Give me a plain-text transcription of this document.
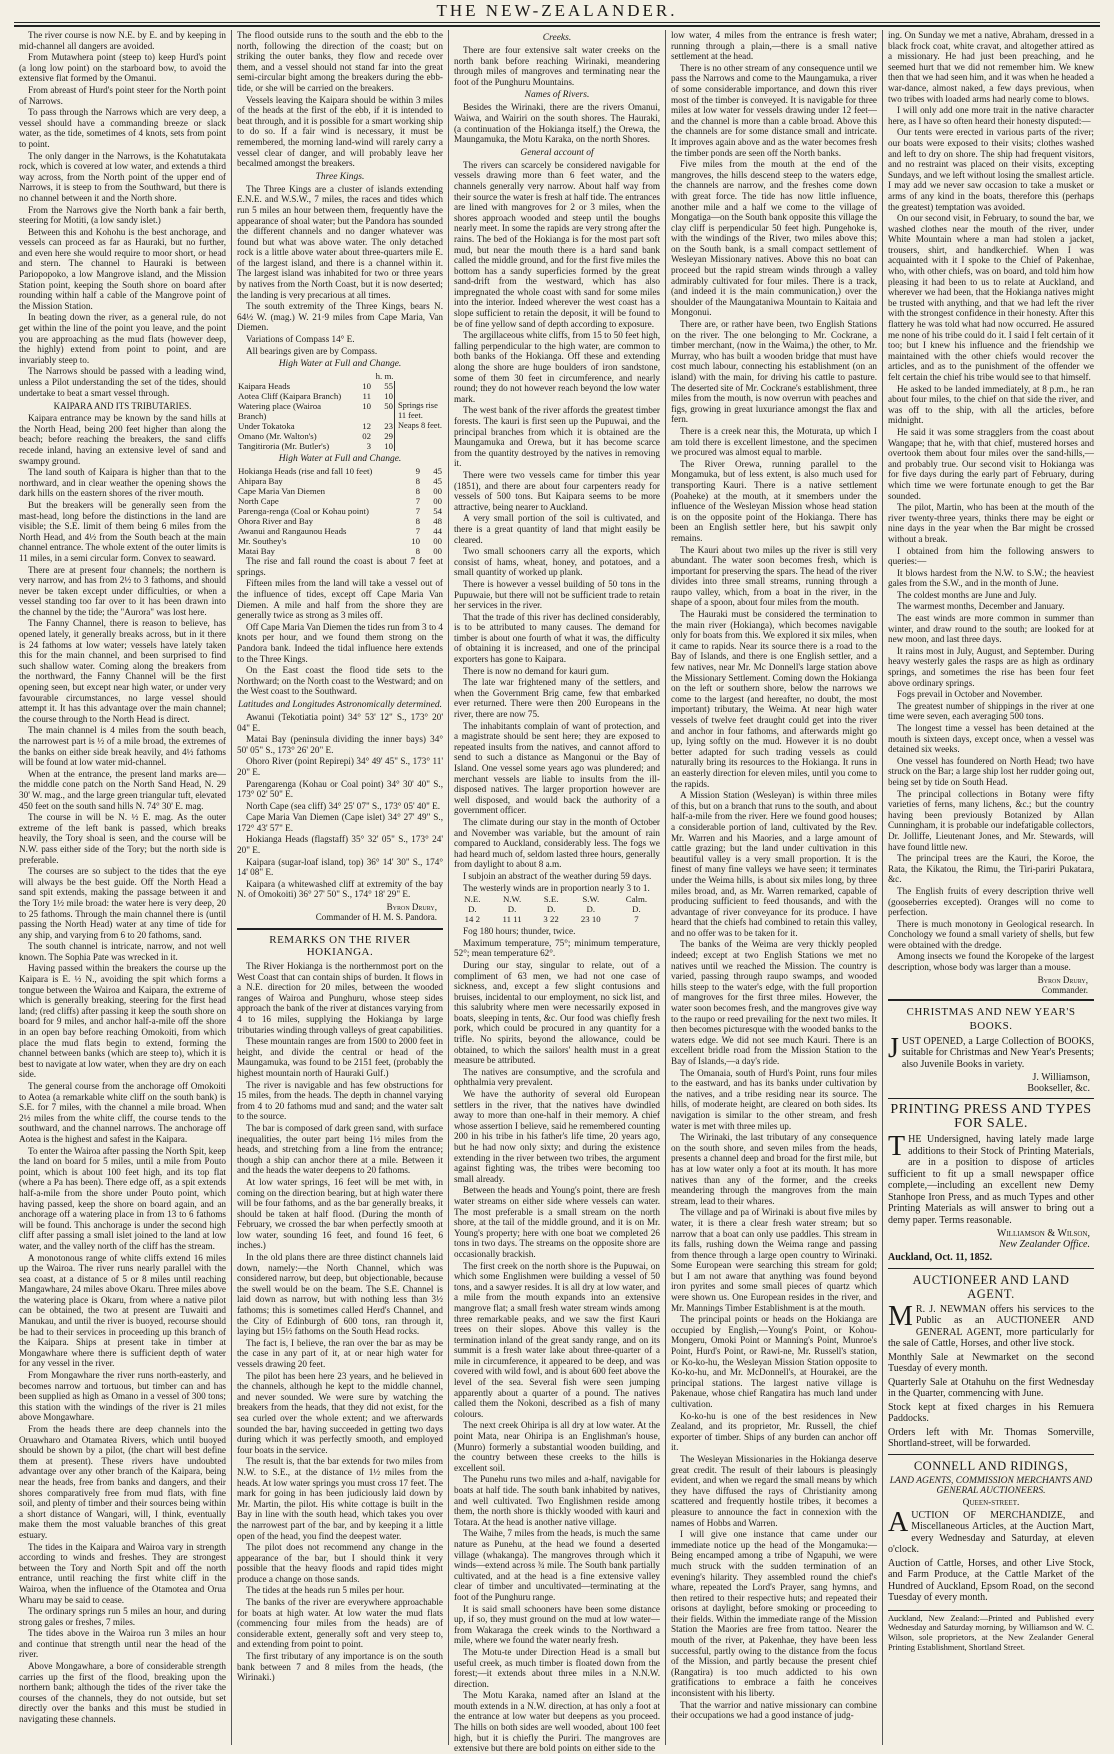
THE NEW-ZEALANDER.

The river course is now N.E. by E. and by keeping in mid-channel all dangers are avoided.

From Mutawhera point (steep to) keep Hurd's point (a long low point) on the starboard bow, to avoid the extensive flat formed by the Omanui.

From abreast of Hurd's point steer for the North point of Narrows.

To pass through the Narrows which are very deep, a vessel should have a commanding breeze or slack water, as the tide, sometimes of 4 knots, sets from point to point.

The only danger in the Narrows, is the Kohatutakata rock, which is covered at low water, and extends a third way across, from the North point of the upper end of Narrows, it is steep to from the Southward, but there is no channel between it and the North shore.

From the Narrows give the North bank a fair berth, steering for Motiti, (a low sandy islet.)

Between this and Kohohu is the best anchorage, and vessels can proceed as far as Hauraki, but no further, and even here she would require to moor short, or head and stern. The channel to Hauraki is between Pariopopoko, a low Mangrove island, and the Mission Station point, keeping the South shore on board after rounding within half a cable of the Mangrove point of the Mission Station.

In beating down the river, as a general rule, do not get within the line of the point you leave, and the point you are approaching as the mud flats (however deep, the highly) extend from point to point, and are invariably steep to.

The Narrows should be passed with a leading wind, unless a Pilot understanding the set of the tides, should undertake to beat a smart vessel through.

KAIPARA AND ITS TRIBUTARIES.

Kaipara entrance may be known by the sand hills at the North Head, being 200 feet higher than along the beach; before reaching the breakers, the sand cliffs recede inland, having an extensive level of sand and swampy ground.

The land south of Kaipara is higher than that to the northward, and in clear weather the opening shows the dark hills on the eastern shores of the river mouth.

But the breakers will be generally seen from the mast-head, long before the distinctions in the land are visible; the S.E. limit of them being 6 miles from the North Head, and 4½ from the South beach at the main channel entrance. The whole extent of the outer limits is 11 miles, in a semi circular form. Convex to seaward.

There are at present four channels; the northern is very narrow, and has from 2½ to 3 fathoms, and should never be taken except under difficulties, or when a vessel standing too far over to it has been drawn into the channel by the tide; the "Aurora" was lost here.

The Fanny Channel, there is reason to believe, has opened lately, it generally breaks across, but in it there is 24 fathoms at low water; vessels have lately taken this for the main channel, and been surprised to find such shallow water. Coming along the breakers from the northward, the Fanny Channel will be the first opening seen, but except near high water, or under very favourable circumstances, no large vessel should attempt it. It has this advantage over the main channel; the course through to the North Head is direct.

The main channel is 4 miles from the south beach, the narrowest part is ½ of a mile broad, the extremes of the banks on either side break heavily, and 4½ fathoms will be found at low water mid-channel.

When at the entrance, the present land marks are—the middle cone patch on the North Sand Head, N. 29 30' W. mag., and the large green triangular tuft, elevated 450 feet on the south sand hills N. 74° 30' E. mag.

The course in will be N. ½ E. mag. As the outer extreme of the left bank is passed, which breaks heavily, the Tory shoal is seen, and the course will be N.W. pass either side of the Tory; but the north side is preferable.

The courses are so subject to the tides that the eye will always be the best guide. Off the North Head a sand spit extends, making the passage between it and the Tory 1½ mile broad: the water here is very deep, 20 to 25 fathoms. Through the main channel there is (until passing the North Head) water at any time of tide for any ship, and varying from 6 to 20 fathoms, sand.

The south channel is intricate, narrow, and not well known. The Sophia Pate was wrecked in it.

Having passed within the breakers the course up the Kaipara is E. ½ N., avoiding the spit which forms a tongue between the Wairoa and Kaipara, the extreme of which is generally breaking, steering for the first head land; (red cliffs) after passing it keep the south shore on board for 9 miles, and anchor half-a-mile off the shore in an open bay before reaching Omokoiti, from which place the mud flats begin to extend, forming the channel between banks (which are steep to), which it is best to navigate at low water, when they are dry on each side.

The general course from the anchorage off Omokoiti to Aotea (a remarkable white cliff on the south bank) is S.E. for 7 miles, with the channel a mile broad. When 2½ miles from the white cliff, the course tends to the southward, and the channel narrows. The anchorage off Aotea is the highest and safest in the Kaipara.

To enter the Wairoa after passing the North Spit, keep the land on board for 5 miles, until a mile from Pouto point, which is about 100 feet high, and its top flat (where a Pa has been). There edge off, as a spit extends half-a-mile from the shore under Pouto point, which having passed, keep the shore on board again, and an anchorage off a watering place in from 13 to 6 fathoms will be found. This anchorage is under the second high cliff after passing a small islet joined to the land at low water, and the valley north of the cliff has the stream.

A monotonous range of white cliffs extend 16 miles up the Wairoa. The river runs nearly parallel with the sea coast, at a distance of 5 or 8 miles until reaching Mangawhare, 24 miles above Okaru. Three miles above the watering place is Okaru, from where a native pilot can be obtained, the two at present are Tuwaiti and Manukau, and until the river is buoyed, recourse should be had to their services in proceeding up this branch of the Kaipara. Ships at present take in timber at Mongawhare where there is sufficient depth of water for any vessel in the river.

From Mongawhare the river runs north-easterly, and becomes narrow and tortuous, but timber can and has been supplied as high as Omano in a vessel of 300 tons; this station with the windings of the river is 21 miles above Mongawhare.

From the heads there are deep channels into the Oruawharo and Otamatea Rivers, which until buoyed should be shown by a pilot, (the chart will best define them at present). These rivers have undoubted advantage over any other branch of the Kaipara, being near the heads, free from banks and dangers, and their shores comparatively free from mud flats, with fine soil, and plenty of timber and their sources being within a short distance of Wangari, will, I think, eventually make them the most valuable branches of this great estuary.

The tides in the Kaipara and Wairoa vary in strength according to winds and freshes. They are strongest between the Tory and North Spit and off the north entrance, until reaching the first white cliff in the Wairoa, when the influence of the Otamotea and Orua Wharu may be said to cease.

The ordinary springs run 5 miles an hour, and during strong gales or freshes, 7 miles.

The tides above in the Wairoa run 3 miles an hour and continue that strength until near the head of the river.

Above Mongawhare, a bore of considerable strength carries up the first of the flood, breaking upon the northern bank; although the tides of the river take the courses of the channels, they do not outside, but set directly over the banks and this must be studied in navigating these channels.

The flood outside runs to the south and the ebb to the north, following the direction of the coast; but on striking the outer banks, they flow and recede over them, and a vessel should not stand far into the great semi-circular bight among the breakers during the ebb-tide, or she will be carried on the breakers.

Vessels leaving the Kaipara should be within 3 miles of the heads at the first of the ebb, if it is intended to beat through, and it is possible for a smart working ship to do so. If a fair wind is necessary, it must be remembered, the morning land-wind will rarely carry a vessel clear of danger, and will probably leave her becalmed amongst the breakers.

Three Kings.

The Three Kings are a cluster of islands extending E.N.E. and W.S.W., 7 miles, the races and tides which run 5 miles an hour between them, frequently have the appearance of shoal water; but the Pandora has sounded the different channels and no danger whatever was found but what was above water. The only detached rock is a little above water about three-quarters mile E. of the largest island, and there is a channel within it. The largest island was inhabited for two or three years by natives from the North Coast, but it is now deserted; the landing is very precarious at all times.

The south extremity of the Three Kings, bears N. 64½ W. (mag.) W. 21·9 miles from Cape Maria, Van Diemen.

Variations of Compass 14° E.

All bearings given are by Compass.

High Water at Full and Change.
	h. m.		
Kaipara Heads	10	55	Springs rise 11 feet. Neaps 8 feet.
Aotea Cliff (Kaipara Branch)	11	10	
Watering place (Wairoa Branch)	10	50	
Under Tokatoka	12	23	
Omano (Mr. Walton's)	02	29	
Tangitiroria (Mr. Butler's)	3	10	
High Water at Full and Change.
Hokianga Heads (rise and fall 10 feet)	9	45
Ahipara Bay	8	45
Cape Maria Van Diemen	8	00
North Cape	7	00
Parenga-renga (Coal or Kohau point)	7	54
Ohora River and Bay	8	48
Awanui and Rangaunou Heads	7	44
Mr. Southey's	10	00
Matai Bay	8	00

The rise and fall round the coast is about 7 feet at springs.

Fifteen miles from the land will take a vessel out of the influence of tides, except off Cape Maria Van Diemen. A mile and half from the shore they are generally twice as strong as 3 miles off.

Off Cape Maria Van Diemen the tides run from 3 to 4 knots per hour, and we found them strong on the Pandora bank. Indeed the tidal influence here extends to the Three Kings.

On the East coast the flood tide sets to the Northward; on the North coast to the Westward; and on the West coast to the Southward.

Latitudes and Longitudes Astronomically determined.

Awanui (Tekotiatia point) 34° 53' 12" S., 173° 20' 04" E.

Matai Bay (peninsula dividing the inner bays) 34° 50' 05" S., 173° 26' 20" E.

Ohoro River (point Repirepi) 34° 49' 45" S., 173° 11' 20" E.

Parengarenga (Kohau or Coal point) 34° 30' 40" S., 173° 02' 50" E.

North Cape (sea cliff) 34° 25' 07" S., 173° 05' 40" E.

Cape Maria Van Diemen (Cape islet) 34° 27' 49" S., 172° 43' 57" E.

Hokianga Heads (flagstaff) 35° 32' 05" S., 173° 24' 20" E.

Kaipara (sugar-loaf island, top) 36° 14' 30" S., 174° 14' 08" E.

Kaipara (a whitewashed cliff at extremity of the bay N. of Omokoiti) 36° 27' 50" S., 174° 18' 29" E.

Byron Drury,
Commander of H. M. S. Pandora.
REMARKS ON THE RIVER HOKIANGA.

The River Hokianga is the northernmost port on the West Coast that can contain ships of burden. It flows in a N.E. direction for 20 miles, between the wooded ranges of Wairoa and Punghuru, whose steep sides approach the bank of the river at distances varying from 4 to 16 miles, supplying the Hokianga by large tributaries winding through valleys of great capabilities.

These mountain ranges are from 1500 to 2000 feet in height, and divide the central or head of the Maungamuka, was found to be 2151 feet, (probably the highest mountain north of Hauraki Gulf.)

The river is navigable and has few obstructions for 15 miles, from the heads. The depth in channel varying from 4 to 20 fathoms mud and sand; and the water salt to the source.

The bar is composed of dark green sand, with surface inequalities, the outer part being 1½ miles from the heads, and stretching from a line from the entrance; though a ship can anchor there at a mile. Between it and the heads the water deepens to 20 fathoms.

At low water springs, 16 feet will be met with, in coming on the direction bearing, but at high water there will be four fathoms, and as the bar generally breaks, it should be taken at half flood. (During the month of February, we crossed the bar when perfectly smooth at low water, sounding 16 feet, and found 16 feet, 6 inches.)

In the old plans there are three distinct channels laid down, namely:—the North Channel, which was considered narrow, but deep, but objectionable, because the swell would be on the beam. The S.E. Channel is laid down as narrow, but with nothing less than 3½ fathoms; this is sometimes called Herd's Channel, and the City of Edinburgh of 600 tons, ran through it, laying but 15½ fathoms on the South Head rocks.

The fact is, I believe, the ran over the bar as may be the case in any part of it, at or near high water for vessels drawing 20 feet.

The pilot has been here 23 years, and he believed in the channels, although he kept to the middle channel, and never sounded. We were sure by watching the breakers from the heads, that they did not exist, for the sea curled over the whole extent; and we afterwards sounded the bar, having succeeded in getting two days during which it was perfectly smooth, and employed four boats in the service.

The result is, that the bar extends for two miles from N.W. to S.E., at the distance of 1½ miles from the heads. At low water springs you must cross 17 feet. The mark for going in has been judiciously laid down by Mr. Martin, the pilot. His white cottage is built in the Bay in line with the south head, which takes you over the narrowest part of the bar, and by keeping it a little open of the head, you find the deepest water.

The pilot does not recommend any change in the appearance of the bar, but I should think it very possible that the heavy floods and rapid tides might produce a change on those sands.

The tides at the heads run 5 miles per hour.

The banks of the river are everywhere approachable for boats at high water. At low water the mud flats (commencing four miles from the heads) are of considerable extent, generally soft and very steep to, and extending from point to point.

The first tributary of any importance is on the south bank between 7 and 8 miles from the heads, (the Wirinaki.)

Creeks.

There are four extensive salt water creeks on the north bank before reaching Wirinaki, meandering through miles of mangroves and terminating near the foot of the Punghuru Mountains.

Names of Rivers.

Besides the Wirinaki, there are the rivers Omanui, Waiwa, and Wairiri on the south shores. The Hauraki, (a continuation of the Hokianga itself,) the Orewa, the Maungamuka, the Motu Karaka, on the north Shores.

General account of

The rivers can scarcely be considered navigable for vessels drawing more than 6 feet water, and the channels generally very narrow. About half way from their source the water is fresh at half tide. The entrances are lined with mangroves for 2 or 3 miles, when the shores approach wooded and steep until the boughs nearly meet. In some the rapids are very strong after the rains. The bed of the Hokianga is for the most part soft mud, but near the mouth there is a hard sand bank called the middle ground, and for the first five miles the bottom has a sandy superficies formed by the great sand-drift from the westward, which has also impregnated the whole coast with sand for some miles into the interior. Indeed wherever the west coast has a slope sufficient to retain the deposit, it will be found to be of fine yellow sand of depth according to exposure.

The argillaceous white cliffs, from 15 to 50 feet high, falling perpendicular to the high water, are common to both banks of the Hokianga. Off these and extending along the shore are huge boulders of iron sandstone, some of them 30 feet in circumference, and nearly round; they do not however reach beyond the low water mark.

The west bank of the river affords the greatest timber forests. The kauri is first seen up the Pupuwai, and the principal branches from which it is obtained are the Maungamuka and Orewa, but it has become scarce from the quantity destroyed by the natives in removing it.

There were two vessels came for timber this year (1851), and there are about four carpenters ready for vessels of 500 tons. But Kaipara seems to be more attractive, being nearer to Auckland.

A very small portion of the soil is cultivated, and there is a great quantity of land that might easily be cleared.

Two small schooners carry all the exports, which consist of hams, wheat, honey, and potatoes, and a small quantity of worked up plank.

There is however a vessel building of 50 tons in the Pupuwaie, but there will not be sufficient trade to retain her services in the river.

That the trade of this river has declined considerably, is to be attributed to many causes. The demand for timber is about one fourth of what it was, the difficulty of obtaining it is increased, and one of the principal exporters has gone to Kaipara.

There is now no demand for kauri gum.

The late war frightened many of the settlers, and when the Government Brig came, few that embarked ever returned. There were then 200 Europeans in the river, there are now 75.

The inhabitants complain of want of protection, and a magistrate should be sent here; they are exposed to repeated insults from the natives, and cannot afford to send to such a distance as Mangonui or the Bay of Island. One vessel some years ago was plundered; and merchant vessels are liable to insults from the ill-disposed natives. The larger proportion however are well disposed, and would back the authority of a government officer.

The climate during our stay in the month of October and November was variable, but the amount of rain compared to Auckland, considerably less. The fogs we had heard much of, seldom lasted three hours, generally from daylight to about 8 a.m.

I subjoin an abstract of the weather during 59 days.

The westerly winds are in proportion nearly 3 to 1.

N.E.	N.W.	S.E.	S.W.	Calm.
D.	D.	D.	D.	D.
14 2	11 11	3 22	23 10	7

Fog 180 hours; thunder, twice.

Maximum temperature, 75°; minimum temperature, 52°; mean temperature 62°.

During our stay, singular to relate, out of a compliment of 63 men, we had not one case of sickness, and, except a few slight contusions and bruises, incidental to our employment, no sick list, and this salubrity where men were necessarily exposed in boats, sleeping in tents, &c. Our food was chiefly fresh pork, which could be procured in any quantity for a trifle. No spirits, beyond the allowance, could be obtained, to which the sailors' health must in a great measure be attributed.

The natives are consumptive, and the scrofula and ophthalmia very prevalent.

We have the authority of several old European settlers in the river, that the natives have dwindled away to more than one-half in their memory. A chief whose assertion I believe, said he remembered counting 200 in his tribe in his father's life time, 20 years ago, but he had now only sixty; and during the existence extending in the river between two tribes, the argument against fighting was, the tribes were becoming too small already.

Between the heads and Young's point, there are fresh water streams on either side where vessels can water. The most preferable is a small stream on the north shore, at the tail of the middle ground, and it is on Mr. Young's property; here with one boat we completed 26 tons in two days. The streams on the opposite shore are occasionally brackish.

The first creek on the north shore is the Pupuwai, on which some Englishmen were building a vessel of 50 tons, and a sawyer resides. It is all dry at low water, and a mile from the mouth expands into an extensive mangrove flat; a small fresh water stream winds among three remarkable peaks, and we saw the first Kauri trees on their slopes. Above this valley is the termination inland of the great sandy range, and on its summit is a fresh water lake about three-quarter of a mile in circumference, it appeared to be deep, and was covered with wild fowl, and is about 600 feet above the level of the sea. Several fish were seen jumping apparently about a quarter of a pound. The natives called them the Nokoni, described as a fish of many colours.

The next creek Ohiripa is all dry at low water. At the point Mata, near Ohiripa is an Englishman's house, (Munro) formerly a substantial wooden building, and the country between these creeks to the hills is excellent soil.

The Punehu runs two miles and a-half, navigable for boats at half tide. The south bank inhabited by natives, and well cultivated. Two Englishmen reside among them, the north shore is thickly wooded with kauri and Totara. At the head is another native village.

The Waihe, 7 miles from the heads, is much the same nature as Punehu, at the head we found a deserted village (whakanga). The mangroves through which it winds—extend across ¾ mile. The South bank partially cultivated, and at the head is a fine extensive valley clear of timber and uncultivated—terminating at the foot of the Punghuru range.

It is said small schooners have been some distance up, if so, they must ground on the mud at low water—from Wakaraga the creek winds to the Northward a mile, where we found the water nearly fresh.

The Motu-te under Direction Head is a small but useful creek, as much timber is floated down from the forest;—it extends about three miles in a N.N.W. direction.

The Motu Karaka, named after an Island at the mouth extends in a N.W. direction, at has only a foot at the entrance at low water but deepens as you proceed. The hills on both sides are well wooded, about 100 feet high, but it is chiefly the Puriri. The mangroves are extensive but there are bold points on either side to the

low water, 4 miles from the entrance is fresh water; running through a plain,—there is a small native settlement at the head.

There is no other stream of any consequence until we pass the Narrows and come to the Maungamuka, a river of some considerable importance, and down this river most of the timber is conveyed. It is navigable for three miles at low water for vessels drawing under 12 feet—and the channel is more than a cable broad. Above this the channels are for some distance small and intricate. It improves again above and as the water becomes fresh the timber ponds are seen off the North banks.

Five miles from the mouth at the end of the mangroves, the hills descend steep to the waters edge, the channels are narrow, and the freshes come down with great force. The tide has now little influence, another mile and a half we come to the village of Mongatiga—on the South bank opposite this village the clay cliff is perpendicular 50 feet high. Pungehoke is, with the windings of the River, two miles above this; on the South bank, is a small compact settlement of Wesleyan Missionary natives. Above this no boat can proceed but the rapid stream winds through a valley admirably cultivated for four miles. There is a track, (and indeed it is the main communication,) over the shoulder of the Maungataniwa Mountain to Kaitaia and Mongonui.

There are, or rather have been, two English Stations on the river. The one belonging to Mr. Cockrane, a timber merchant, (now in the Waima,) the other, to Mr. Murray, who has built a wooden bridge that must have cost much labour, connecting his establishment (on an island) with the main, for driving his cattle to pasture. The deserted site of Mr. Cockrane's establishment, three miles from the mouth, is now overrun with peaches and figs, growing in great luxuriance amongst the flax and fern.

There is a creek near this, the Moturata, up which I am told there is excellent limestone, and the specimen we procured was almost equal to marble.

The River Orewa, running parallel to the Mongamuka, but of less extent, is also much used for transporting Kauri. There is a native settlement (Poaheke) at the mouth, at it smembers under the influence of the Wesleyan Mission whose head station is on the opposite point of the Hokianga. There has been an English settler here, but his sawpit only remains.

The Kauri about two miles up the river is still very abundant. The water soon becomes fresh, which is important for preserving the spars. The head of the river divides into three small streams, running through a raupo valley, which, from a boat in the river, in the shape of a spoon, about four miles from the mouth.

The Hauraki must be considered the termination to the main river (Hokianga), which becomes navigable only for boats from this. We explored it six miles, when it came to rapids. Near its source there is a road to the Bay of Islands, and there is one English settler, and a few natives, near Mr. Mc Donnell's large station above the Missionary Settlement. Coming down the Hokianga on the left or southern shore, below the narrows we come to the largest (and hereafter, no doubt, the most important) tributary, the Weima. At near high water vessels of twelve feet draught could get into the river and anchor in four fathoms, and afterwards might go up, lying softly on the mud. However it is no doubt better adapted for such trading vessels as could naturally bring its resources to the Hokianga. It runs in an easterly direction for eleven miles, until you come to the rapids.

A Mission Station (Wesleyan) is within three miles of this, but on a branch that runs to the south, and about half-a-mile from the river. Here we found good houses; a considerable portion of land, cultivated by the Rev. Mr. Warren and his Maories, and a large amount of cattle grazing; but the land under cultivation in this beautiful valley is a very small proportion. It is the finest of many fine valleys we have seen; it terminates under the Weima hills, is about six miles long, by three miles broad, and, as Mr. Warren remarked, capable of producing sufficient to feed thousands, and with the advantage of river conveyance for its produce. I have heard that the chiefs had combined to retain this valley, and no offer was to be taken for it.

The banks of the Weima are very thickly peopled indeed; except at two English Stations we met no natives until we reached the Mission. The country is varied, passing through raupo swamps, and wooded hills steep to the water's edge, with the full proportion of mangroves for the first three miles. However, the water soon becomes fresh, and the mangroves give way to the raupo or reed prevailing for the next two miles. It then becomes picturesque with the wooded banks to the waters edge. We did not see much Kauri. There is an excellent bridle road from the Mission Station to the Bay of Islands,—a day's ride.

The Omanaia, south of Hurd's Point, runs four miles to the eastward, and has its banks under cultivation by the natives, and a tribe residing near its source. The hills, of moderate height, are cleared on both sides. Its navigation is similar to the other stream, and fresh water is met with three miles up.

The Wirinaki, the last tributary of any consequence on the south shore, and seven miles from the heads, presents a channel deep and broad for the first mile, but has at low water only a foot at its mouth. It has more natives than any of the former, and the creeks meandering through the mangroves from the main stream, lead to their whares.

The village and pa of Wirinaki is about five miles by water, it is there a clear fresh water stream; but so narrow that a boat can only use paddles. This stream in its falls, rushing down the Weima range and passing from thence through a large open country to Wirinaki. Some European were searching this stream for gold; but I am not aware that anything was found beyond iron pyrites and some small pieces of quartz which were shown us. One European resides in the river, and Mr. Mannings Timber Establishment is at the mouth.

The principal points or heads on the Hokianga are occupied by English,—Young's Point, or Kohou-Mongeru, Omoki Point or Manning's Point, Munroe's Point, Hurd's Point, or Rawi-ne, Mr. Russell's station, or Ko-ko-hu, the Wesleyan Mission Station opposite to Ko-ko-hu, and Mr. McDonnell's, at Hourakei, are the principal stations. The largest native village is Pakenaue, whose chief Rangatira has much land under cultivation.

Ko-ko-hu is one of the best residences in New Zealand, and its proprietor, Mr. Russell, the chief exporter of timber. Ships of any burden can anchor off it.

The Wesleyan Missionaries in the Hokianga deserve great credit. The result of their labours is pleasingly evident, and when we regard the small means by which they have diffused the rays of Christianity among scattered and frequently hostile tribes, it becomes a pleasure to announce the fact in connexion with the names of Hobbs and Warren.

I will give one instance that came under our immediate notice up the head of the Mongamuka:—Being encamped among a tribe of Ngapuhi, we were much struck with the sudden termination of an evening's hilarity. They assembled round the chief's whare, repeated the Lord's Prayer, sang hymns, and then retired to their respective huts; and repeated their orisons at daylight, before smoking or proceeding to their fields. Within the immediate range of the Mission Station the Maories are free from tattoo. Nearer the mouth of the river, at Pakenhae, they have been less successful, partly owing to the distance from the focus of the Mission, and partly because the present chief (Rangatira) is too much addicted to his own gratifications to embrace a faith he conceives inconsistent with his liberty.

That the warrior and native missionary can combine their occupations we had a good instance of judg-

ing. On Sunday we met a native, Abraham, dressed in a black frock coat, white cravat, and altogether attired as a missionary. He had just been preaching, and he seemed hurt that we did not remember him. We knew then that we had seen him, and it was when he headed a war-dance, almost naked, a few days previous, when two tribes with loaded arms had nearly come to blows.

I will only add one more trait in the native character here, as I have so often heard their honesty disputed:—

Our tents were erected in various parts of the river; our boats were exposed to their visits; clothes washed and left to dry on shore. The ship had frequent visitors, and no restraint was placed on their visits, excepting Sundays, and we left without losing the smallest article. I may add we never saw occasion to take a musket or arms of any kind in the boats, therefore this (perhaps the greatest) temptation was avoided.

On our second visit, in February, to sound the bar, we washed clothes near the mouth of the river, under White Mountain where a man had stolen a jacket, trousers, shirt, and handkerchief. When I was acquainted with it I spoke to the Chief of Pakenhae, who, with other chiefs, was on board, and told him how pleasing it had been to us to relate at Auckland, and wherever we had been, that the Hokianga natives might be trusted with anything, and that we had left the river with the strongest confidence in their honesty. After this flattery he was told what had now occurred. He assured me none of his tribe could do it. I said I felt certain of it too; but I knew his influence and the friendship we maintained with the other chiefs would recover the articles, and as to the punishment of the offender we felt certain the chief his tribe would see to that himself.

He asked to be landed immediately, at 8 p.m., he ran about four miles, to the chief on that side the river, and was off to the ship, with all the articles, before midnight.

He said it was some stragglers from the coast about Wangape; that he, with that chief, mustered horses and overtook them about four miles over the sand-hills,—and probably true. Our second visit to Hokianga was for five days during the early part of February, during which time we were fortunate enough to get the Bar sounded.

The pilot, Martin, who has been at the mouth of the river twenty-three years, thinks there may be eight or nine days in the year when the Bar might be crossed without a break.

I obtained from him the following answers to queries:—

It blows hardest from the N.W. to S.W.; the heaviest gales from the S.W., and in the month of June.

The coldest months are June and July.

The warmest months, December and January.

The east winds are more common in summer than winter, and draw round to the south; are looked for at new moon, and last three days.

It rains most in July, August, and September. During heavy westerly gales the rasps are as high as ordinary springs, and sometimes the rise has been four feet above ordinary springs.

Fogs prevail in October and November.

The greatest number of shippings in the river at one time were seven, each averaging 500 tons.

The longest time a vessel has been detained at the mouth is sixteen days, except once, when a vessel was detained six weeks.

One vessel has foundered on North Head; two have struck on the Bar; a large ship lost her rudder going out, being set by tide on South Head.

The principal collections in Botany were fifty varieties of ferns, many lichens, &c.; but the country having been previously Botanized by Allan Cunningham, it is probable our indefatigable collectors, Dr. Jolliffe, Lieutenant Jones, and Mr. Stewards, will have found little new.

The principal trees are the Kauri, the Koroe, the Rata, the Kikatou, the Rimu, the Tiri-pariri Pukatara, &c.

The English fruits of every description thrive well (gooseberries excepted). Oranges will no come to perfection.

There is much monotony in Geological research. In Conchology we found a small variety of shells, but few were obtained with the dredge.

Among insects we found the Koropeke of the largest description, whose body was larger than a mouse.

Byron Drury,
Commander.
CHRISTMAS AND NEW YEAR'S BOOKS.
JUST OPENED, a Large Collection of BOOKS, suitable for Christmas and New Year's Presents; also Juvenile Books in variety.
J. Williamson,
Bookseller, &c.
PRINTING PRESS AND TYPES FOR SALE.
THE Undersigned, having lately made large additions to their Stock of Printing Materials, are in a position to dispose of articles sufficient to fit up a small newspaper office complete,—including an excellent new Demy Stanhope Iron Press, and as much Types and other Printing Materials as will answer to bring out a demy paper. Terms reasonable.
Williamson & Wilson,
New Zealander Office.
Auckland, Oct. 11, 1852.
AUCTIONEER AND LAND AGENT.
M R. J. NEWMAN offers his services to the Public as an AUCTIONEER AND GENERAL AGENT, more particularly for the sale of Cattle, Horses, and other live stock.
Monthly Sale at Newmarket on the second Tuesday of every month.
Quarterly Sale at Otahuhu on the first Wednesday in the Quarter, commencing with June.
Stock kept at fixed charges in his Remuera Paddocks.
Orders left with Mr. Thomas Somerville, Shortland-street, will be forwarded.
CONNELL AND RIDINGS,
LAND AGENTS, COMMISSION MERCHANTS AND GENERAL AUCTIONEERS.
Queen-street.
AUCTION OF MERCHANDIZE, and Miscellaneous Articles, at the Auction Mart, every Wednesday and Saturday, at eleven o'clock.
Auction of Cattle, Horses, and other Live Stock, and Farm Produce, at the Cattle Market of the Hundred of Auckland, Epsom Road, on the second Tuesday of every month.
Auckland, New Zealand:—Printed and Published every Wednesday and Saturday morning, by Williamson and W. C. Wilson, sole proprietors, at the New Zealander General Printing Establishment, Shortland Street.
